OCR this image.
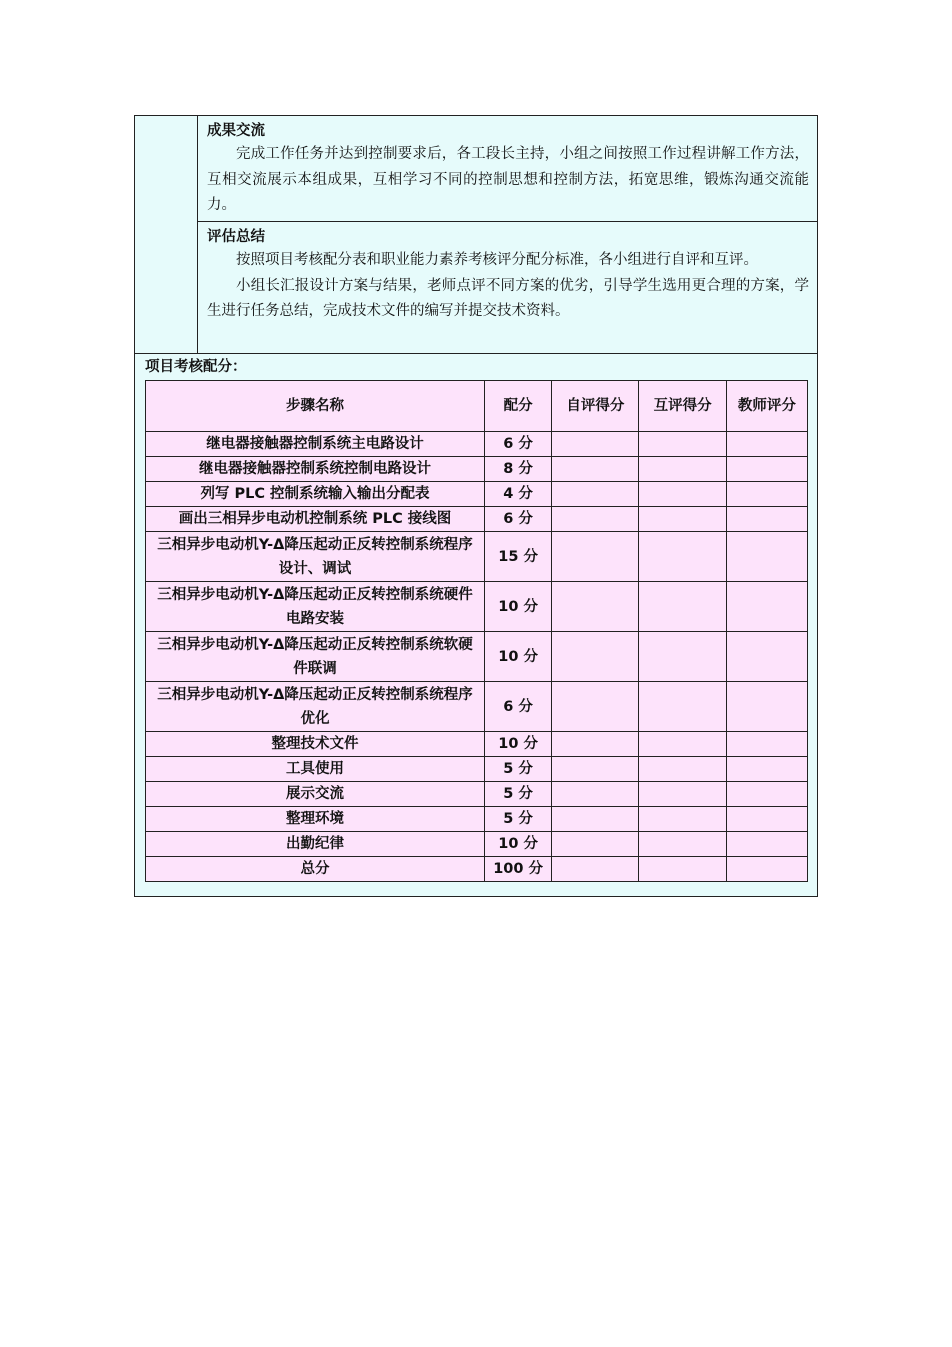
成果交流

完成工作任务并达到控制要求后，各工段长主持，小组之间按照工作过程讲解工作方法，互相交流展示本组成果，互相学习不同的控制思想和控制方法，拓宽思维，锻炼沟通交流能力。

评估总结

按照项目考核配分表和职业能力素养考核评分配分标准，各小组进行自评和互评。

小组长汇报设计方案与结果，老师点评不同方案的优劣，引导学生选用更合理的方案，学生进行任务总结，完成技术文件的编写并提交技术资料。

项目考核配分：
步骤名称	配分	自评得分	互评得分	教师评分
继电器接触器控制系统主电路设计	6 分			
继电器接触器控制系统控制电路设计	8 分			
列写 PLC 控制系统输入输出分配表	4 分			
画出三相异步电动机控制系统 PLC 接线图	6 分			
三相异步电动机Y-Δ降压起动正反转控制系统程序设计、调试	15 分			
三相异步电动机Y-Δ降压起动正反转控制系统硬件电路安装	10 分			
三相异步电动机Y-Δ降压起动正反转控制系统软硬件联调	10 分			
三相异步电动机Y-Δ降压起动正反转控制系统程序优化	6 分			
整理技术文件	10 分			
工具使用	5 分			
展示交流	5 分			
整理环境	5 分			
出勤纪律	10 分			
总分	100 分			
